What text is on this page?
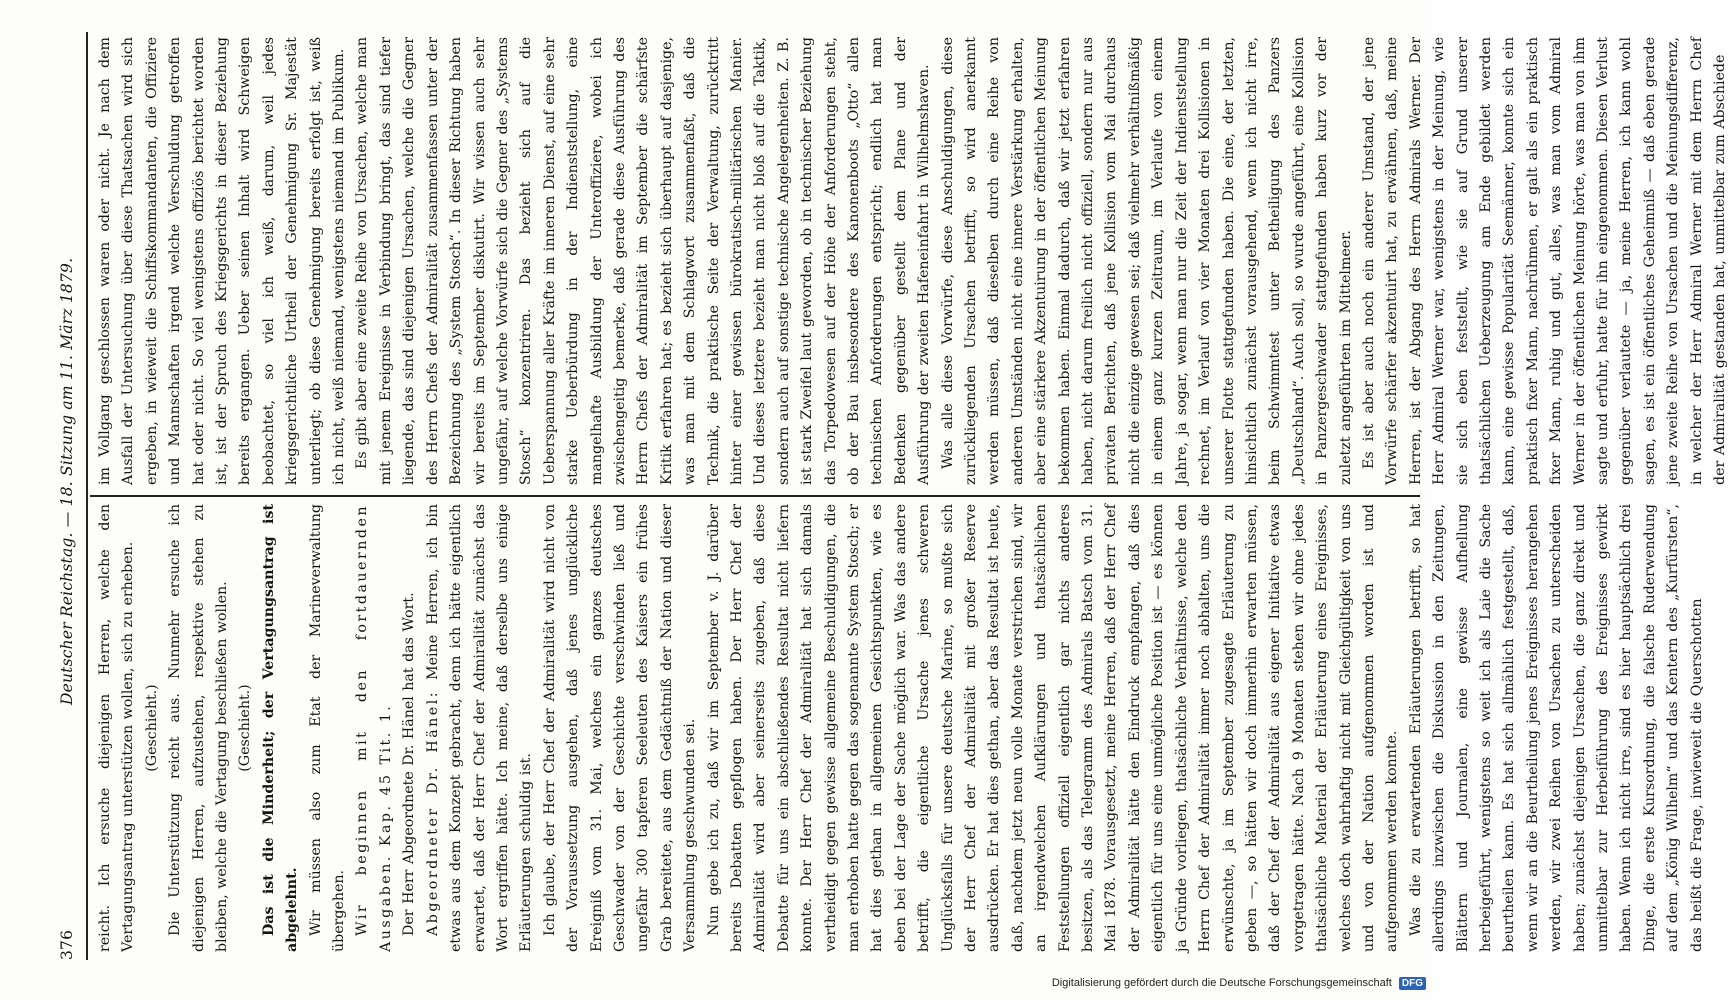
376
Deutscher Reichstag. — 18. Sitzung am 11. März 1879.

reicht. Ich ersuche diejenigen Herren, welche den Vertagungsantrag unterstützen wollen, sich zu erheben. (Geschieht.) Die Unterstützung reicht aus. Nunmehr ersuche ich diejenigen Herren, aufzustehen, respektive stehen zu bleiben, welche die Vertagung beschließen wollen. (Geschieht.) Das ist die Minderheit; der Vertagungsantrag ist abgelehnt. Wir müssen also zum Etat der Marineverwaltung übergehen. Wir beginnen mit den fortdauernden Ausgaben. Kap. 45 Tit. 1. Der Herr Abgeordnete Dr. Hänel hat das Wort. Abgeordneter Dr. Hänel: Meine Herren, ich bin etwas aus dem Konzept gebracht, denn ich hätte eigentlich erwartet, daß der Herr Chef der Admiralität zunächst das Wort ergriffen hätte. Ich meine, daß derselbe uns einige Erläuterungen schuldig ist. Ich glaube, der Herr Chef der Admiralität wird nicht von der Voraussetzung ausgehen, daß jenes unglückliche Ereigniß vom 31. Mai, welches ein ganzes deutsches Geschwader von der Geschichte verschwinden ließ und ungefähr 300 tapferen Seeleuten des Kaisers ein frühes Grab bereitete, aus dem Gedächtniß der Nation und dieser Versammlung geschwunden sei. Nun gebe ich zu, daß wir im September v. J. darüber bereits Debatten gepflogen haben. Der Herr Chef der Admiralität wird aber seinerseits zugeben, daß diese Debatte für uns ein abschließendes Resultat nicht liefern konnte. Der Herr Chef der Admiralität hat sich damals vertheidigt gegen gewisse allgemeine Beschuldigungen, die man erhoben hatte gegen das sogenannte System Stosch; er hat dies gethan in allgemeinen Gesichtspunkten, wie es eben bei der Lage der Sache möglich war. Was das andere betrifft, die eigentliche Ursache jenes schweren Unglücksfalls für unsere deutsche Marine, so mußte sich der Herr Chef der Admiralität mit großer Reserve ausdrücken. Er hat dies gethan, aber das Resultat ist heute, daß, nachdem jetzt neun volle Monate verstrichen sind, wir an irgendwelchen Aufklärungen und thatsächlichen Feststellungen offiziell eigentlich gar nichts anderes besitzen, als das Telegramm des Admirals Batsch vom 31. Mai 1878. Vorausgesetzt, meine Herren, daß der Herr Chef der Admiralität hätte den Eindruck empfangen, daß dies eigentlich für uns eine unmögliche Position ist — es können ja Gründe vorliegen, thatsächliche Verhältnisse, welche den Herrn Chef der Admiralität immer noch abhalten, uns die erwünschte, ja im September zugesagte Erläuterung zu geben —, so hätten wir doch immerhin erwarten müssen, daß der Chef der Admiralität aus eigener Initiative etwas vorgetragen hätte. Nach 9 Monaten stehen wir ohne jedes thatsächliche Material der Erläuterung eines Ereignisses, welches doch wahrhaftig nicht mit Gleichgültigkeit von uns und von der Nation aufgenommen worden ist und aufgenommen werden konnte. Was die zu erwartenden Erläuterungen betrifft, so hat allerdings inzwischen die Diskussion in den Zeitungen, Blättern und Journalen, eine gewisse Aufhellung herbeigeführt, wenigstens so weit ich als Laie die Sache beurtheilen kann. Es hat sich allmählich festgestellt, daß, wenn wir an die Beurtheilung jenes Ereignisses herangehen werden, wir zwei Reihen von Ursachen zu unterscheiden haben; zunächst diejenigen Ursachen, die ganz direkt und unmittelbar zur Herbeiführung des Ereignisses gewirkt haben. Wenn ich nicht irre, sind es hier hauptsächlich drei Dinge, die erste Kursordnung, die falsche Ruderwendung auf dem „König Wilhelm“ und das Kentern des „Kurfürsten“, das heißt die Frage, inwieweit die Querschotten

im Vollgang geschlossen waren oder nicht. Je nach dem Ausfall der Untersuchung über diese Thatsachen wird sich ergeben, in wieweit die Schiffskommandanten, die Offiziere und Mannschaften irgend welche Verschuldung getroffen hat oder nicht. So viel wenigstens offiziös berichtet worden ist, ist der Spruch des Kriegsgerichts in dieser Beziehung bereits ergangen. Ueber seinen Inhalt wird Schweigen beobachtet, so viel ich weiß, darum, weil jedes kriegsgerichtliche Urtheil der Genehmigung Sr. Majestät unterliegt; ob diese Genehmigung bereits erfolgt ist, weiß ich nicht, weiß niemand, wenigstens niemand im Publikum. Es gibt aber eine zweite Reihe von Ursachen, welche man mit jenem Ereignisse in Verbindung bringt, das sind tiefer liegende, das sind diejenigen Ursachen, welche die Gegner des Herrn Chefs der Admiralität zusammenfassen unter der Bezeichnung des „System Stosch“. In dieser Richtung haben wir bereits im September diskutirt. Wir wissen auch sehr ungefähr, auf welche Vorwürfe sich die Gegner des „Systems Stosch“ konzentriren. Das bezieht sich auf die Ueberspannung aller Kräfte im inneren Dienst, auf eine sehr starke Ueberbürdung in der Indienststellung, eine mangelhafte Ausbildung der Unteroffiziere, wobei ich zwischengeitig bemerke, daß gerade diese Ausführung des Herrn Chefs der Admiralität im September die schärfste Kritik erfahren hat; es bezieht sich überhaupt auf dasjenige, was man mit dem Schlagwort zusammenfaßt, daß die Technik, die praktische Seite der Verwaltung, zurücktritt hinter einer gewissen bürokratisch-militärischen Manier. Und dieses letztere bezieht man nicht bloß auf die Taktik, sondern auch auf sonstige technische Angelegenheiten. Z. B. ist stark Zweifel laut geworden, ob in technischer Beziehung das Torpedowesen auf der Höhe der Anforderungen steht, ob der Bau insbesondere des Kanonenboots „Otto“ allen technischen Anforderungen entspricht; endlich hat man Bedenken gegenüber gestellt dem Plane und der Ausführung der zweiten Hafeneinfahrt in Wilhelmshaven. Was alle diese Vorwürfe, diese Anschuldigungen, diese zurückliegenden Ursachen betrifft, so wird anerkannt werden müssen, daß dieselben durch eine Reihe von anderen Umständen nicht eine innere Verstärkung erhalten, aber eine stärkere Akzentuirung in der öffentlichen Meinung bekommen haben. Einmal dadurch, daß wir jetzt erfahren haben, nicht darum freilich nicht offiziell, sondern nur aus privaten Berichten, daß jene Kollision vom Mai durchaus nicht die einzige gewesen sei; daß vielmehr verhältnißmäßig in einem ganz kurzen Zeitraum, im Verlaufe von einem Jahre, ja sogar, wenn man nur die Zeit der Indienststellung rechnet, im Verlauf von vier Monaten drei Kollisionen in unserer Flotte stattgefunden haben. Die eine, der letzten, hinsichtlich zunächst vorausgehend, wenn ich nicht irre, beim Schwimmtest unter Betheiligung des Panzers „Deutschland“. Auch soll, so wurde angeführt, eine Kollision in Panzergeschwader stattgefunden haben kurz vor der zuletzt angeführten im Mittelmeer. Es ist aber auch noch ein anderer Umstand, der jene Vorwürfe schärfer akzentuirt hat, zu erwähnen, daß, meine Herren, ist der Abgang des Herrn Admirals Werner. Der Herr Admiral Werner war, wenigstens in der Meinung, wie sie sich eben feststellt, wie sie auf Grund unserer thatsächlichen Ueberzeugung am Ende gebildet werden kann, eine gewisse Popularität Seemänner, konnte sich ein praktisch fixer Mann, nachrühmen, er galt als ein praktisch fixer Mann, ruhig und gut, alles, was man vom Admiral Werner in der öffentlichen Meinung hörte, was man von ihm sagte und erfuhr, hatte für ihn eingenommen. Diesen Verlust gegenüber verlautete — ja, meine Herren, ich kann wohl sagen, es ist ein öffentliches Geheimniß — daß eben gerade jene zweite Reihe von Ursachen und die Meinungsdifferenz, in welcher der Herr Admiral Werner mit dem Herrn Chef der Admiralität gestanden hat, unmittelbar zum Abschiede

Digitalisierung gefördert durch die Deutsche Forschungsgemeinschaft DFG
